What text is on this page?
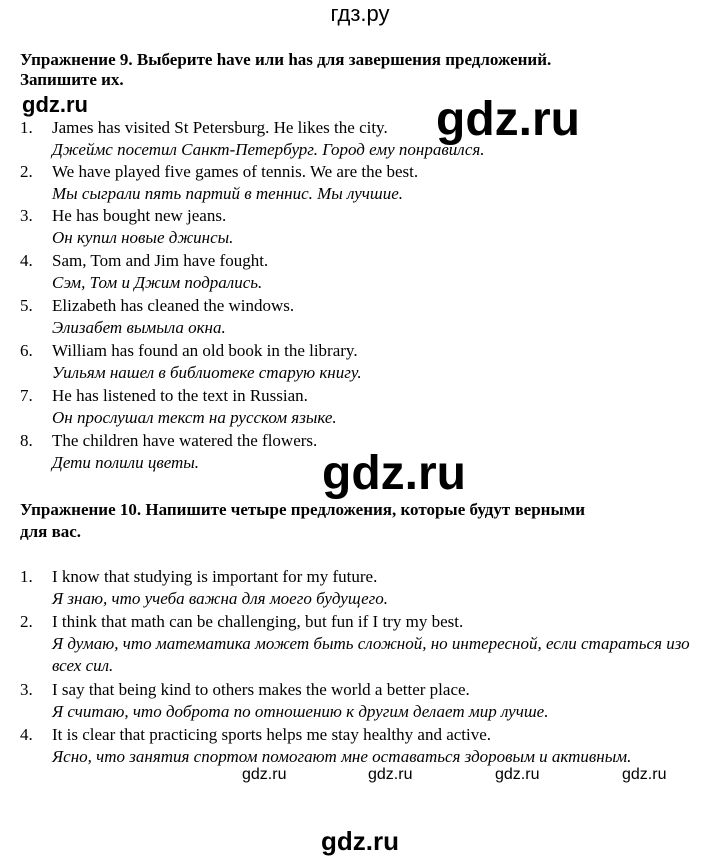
гдз.ру
Упражнение 9. Выберите have или has для завершения предложений.
Запишите их.
gdz.ru	gdz.ru
gdz.ru
1. James has visited St Petersburg. He likes the city.
Джеймс посетил Санкт-Петербург. Город ему понравился.
2. We have played five games of tennis. We are the best.
Мы сыграли пять партий в теннис. Мы лучшие.
3. He has bought new jeans.
Он купил новые джинсы.
4. Sam, Tom and Jim have fought.
Сэм, Том и Джим подрались.
5. Elizabeth has cleaned the windows.
Элизабет вымыла окна.
6. William has found an old book in the library.
Уильям нашел в библиотеке старую книгу.
7. He has listened to the text in Russian.
Он прослушал текст на русском языке.
8. The children have watered the flowers.
Дети полили цветы.
Упражнение 10. Напишите четыре предложения, которые будут верными
для вас.
1. I know that studying is important for my future.
Я знаю, что учеба важна для моего будущего.
2. I think that math can be challenging, but fun if I try my best.
Я думаю, что математика может быть сложной, но интересной, если стараться изо всех сил.
3. I say that being kind to others makes the world a better place.
Я считаю, что доброта по отношению к другим делает мир лучше.
4. It is clear that practicing sports helps me stay healthy and active.
Ясно, что занятия спортом помогают мне оставаться здоровым и активным.
gdz.ru	gdz.ru	gdz.ru	gdz.ru
gdz.ru
